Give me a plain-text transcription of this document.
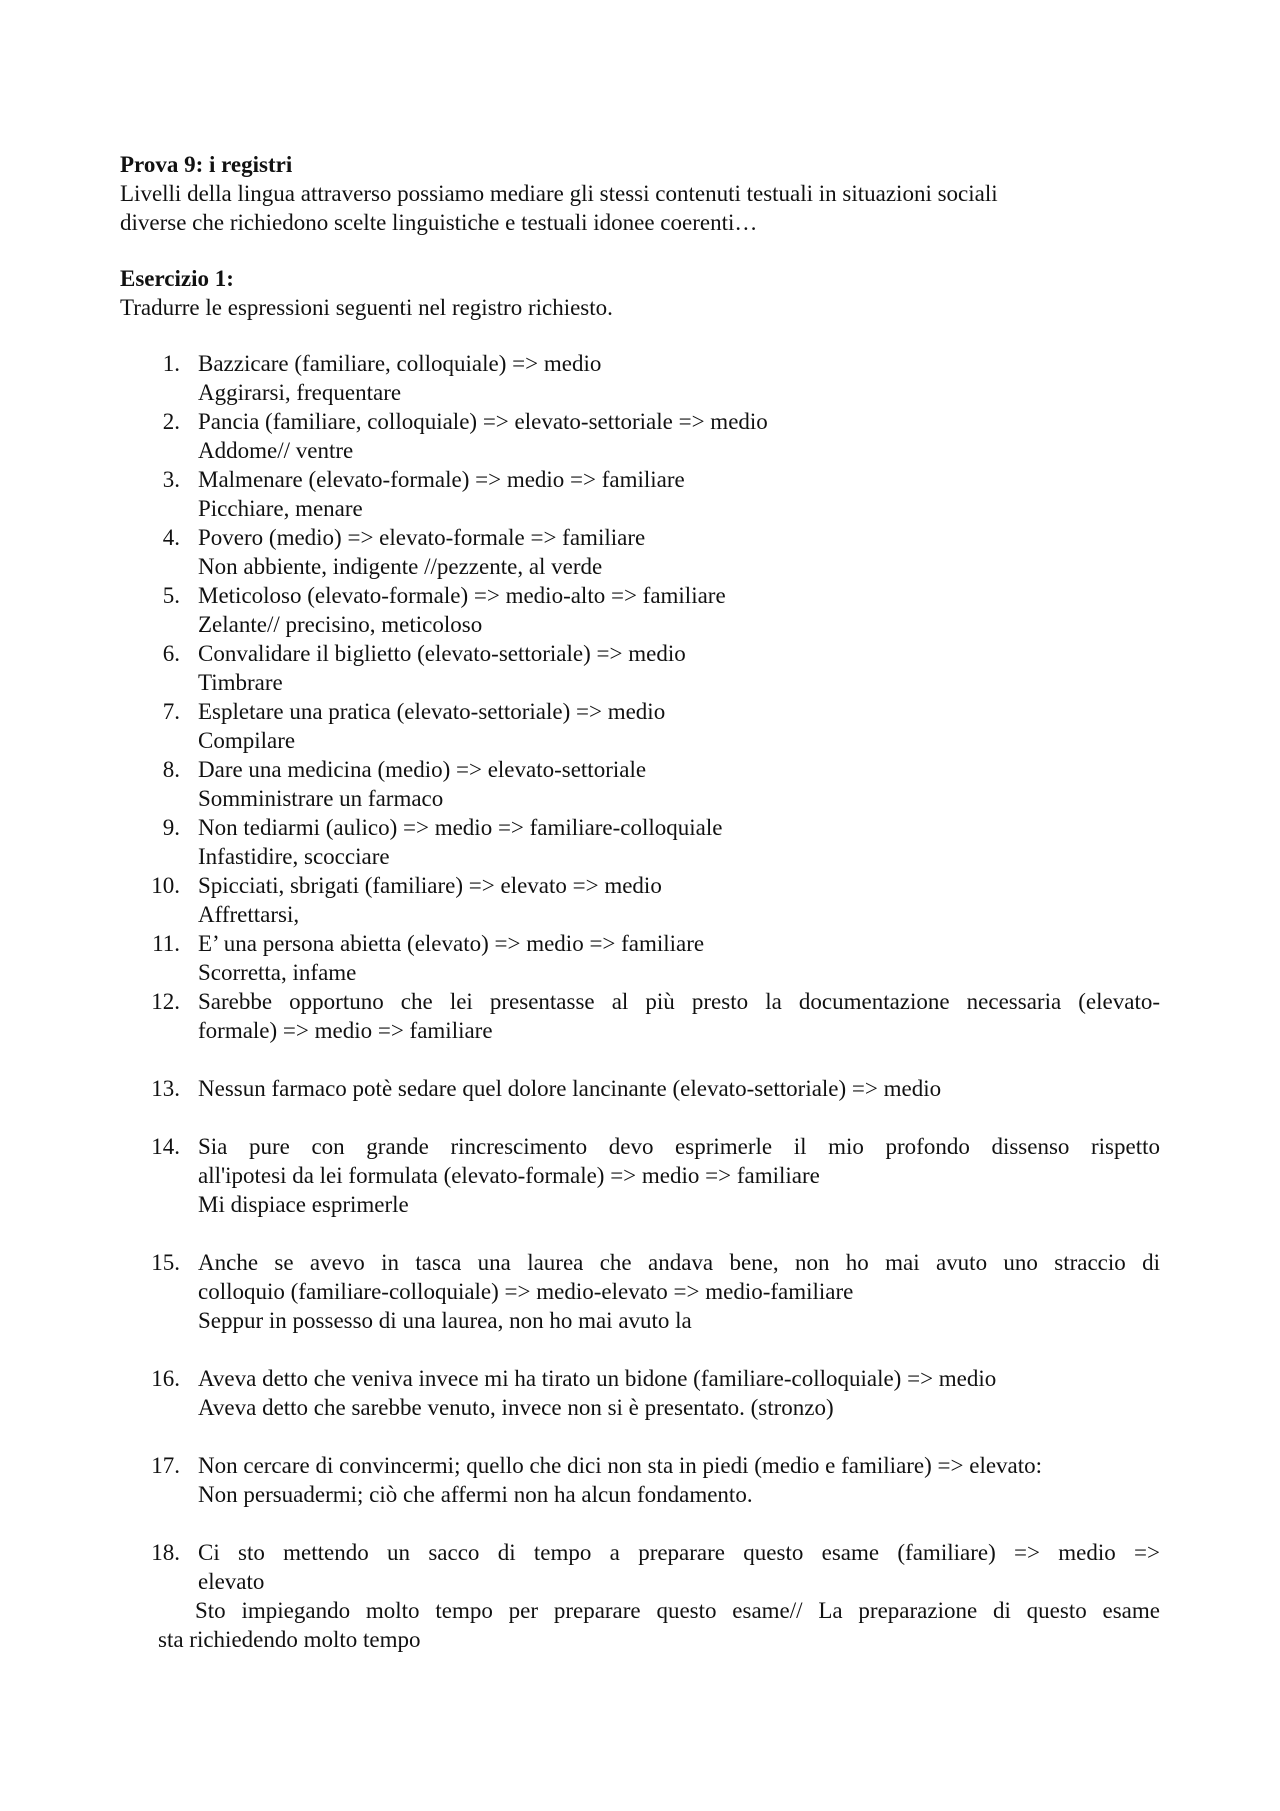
Prova 9: i registri
Livelli della lingua attraverso possiamo mediare gli stessi contenuti testuali in situazioni sociali
diverse che richiedono scelte linguistiche e testuali idonee coerenti…
Esercizio 1:
Tradurre le espressioni seguenti nel registro richiesto.
1. Bazzicare (familiare, colloquiale) => medio
Aggirarsi, frequentare
2. Pancia (familiare, colloquiale) => elevato-settoriale => medio
Addome// ventre
3. Malmenare (elevato-formale) => medio => familiare
Picchiare, menare
4. Povero (medio) => elevato-formale => familiare
Non abbiente, indigente //pezzente, al verde
5. Meticoloso (elevato-formale) => medio-alto => familiare
Zelante// precisino, meticoloso
6. Convalidare il biglietto (elevato-settoriale) => medio
Timbrare
7. Espletare una pratica (elevato-settoriale) => medio
Compilare
8. Dare una medicina (medio) => elevato-settoriale
Somministrare un farmaco
9. Non tediarmi (aulico) => medio => familiare-colloquiale
Infastidire, scocciare
10. Spicciati, sbrigati (familiare) => elevato => medio
Affrettarsi,
11. E’ una persona abietta (elevato) => medio => familiare
Scorretta, infame
12. Sarebbe opportuno che lei presentasse al più presto la documentazione necessaria (elevato-
formale) => medio => familiare
13. Nessun farmaco potè sedare quel dolore lancinante (elevato-settoriale) => medio
14. Sia pure con grande rincrescimento devo esprimerle il mio profondo dissenso rispetto
all'ipotesi da lei formulata (elevato-formale) => medio => familiare
Mi dispiace esprimerle
15. Anche se avevo in tasca una laurea che andava bene, non ho mai avuto uno straccio di
colloquio (familiare-colloquiale) => medio-elevato => medio-familiare
Seppur in possesso di una laurea, non ho mai avuto la
16. Aveva detto che veniva invece mi ha tirato un bidone (familiare-colloquiale) => medio
Aveva detto che sarebbe venuto, invece non si è presentato. (stronzo)
17. Non cercare di convincermi; quello che dici non sta in piedi (medio e familiare) => elevato:
Non persuadermi; ciò che affermi non ha alcun fondamento.
18. Ci sto mettendo un sacco di tempo a preparare questo esame (familiare) => medio =>
elevato
Sto impiegando molto tempo per preparare questo esame// La preparazione di questo esame
sta richiedendo molto tempo
